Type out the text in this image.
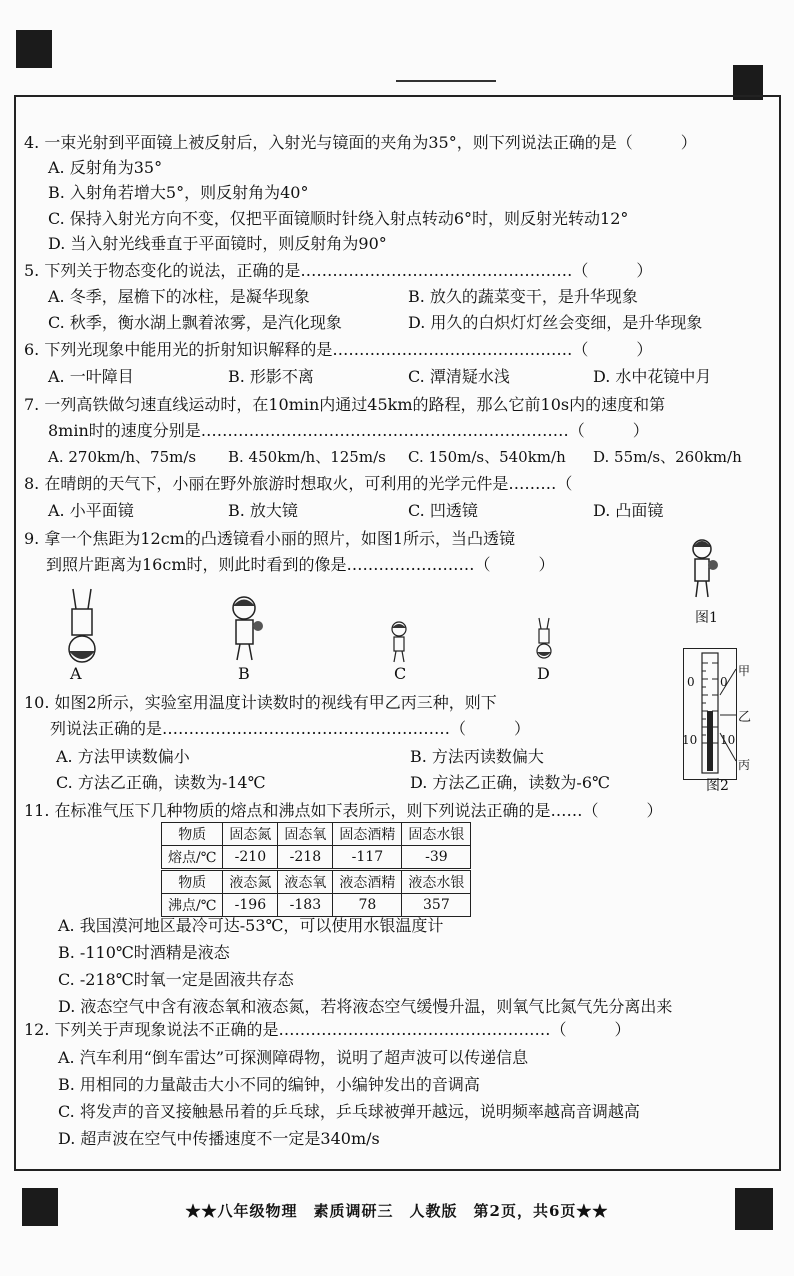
4. 一束光射到平面镜上被反射后，入射光与镜面的夹角为35°，则下列说法正确的是（　　　）
A. 反射角为35°
B. 入射角若增大5°，则反射角为40°
C. 保持入射光方向不变，仅把平面镜顺时针绕入射点转动6°时，则反射光转动12°
D. 当入射光线垂直于平面镜时，则反射角为90°
5. 下列关于物态变化的说法，正确的是……………………………………………（　　　）
A. 冬季，屋檐下的冰柱，是凝华现象	B. 放久的蔬菜变干，是升华现象
C. 秋季，衡水湖上飘着浓雾，是汽化现象	D. 用久的白炽灯灯丝会变细，是升华现象
6. 下列光现象中能用光的折射知识解释的是………………………………………（　　　）
A. 一叶障目	B. 形影不离	C. 潭清疑水浅	D. 水中花镜中月
7. 一列高铁做匀速直线运动时，在10min内通过45km的路程，那么它前10s内的速度和第
8min时的速度分别是……………………………………………………………（　　　）
A. 270km/h、75m/s B. 450km/h、125m/s C. 150m/s、540km/h D. 55m/s、260km/h
8. 在晴朗的天气下，小丽在野外旅游时想取火，可利用的光学元件是………（
A. 小平面镜	B. 放大镜	C. 凹透镜	D. 凸面镜
9. 拿一个焦距为12cm的凸透镜看小丽的照片，如图1所示，当凸透镜
到照片距离为16cm时，则此时看到的像是……………………（　　　）
图1
A	B	C	D
10. 如图2所示，实验室用温度计读数时的视线有甲乙丙三种，则下
列说法正确的是………………………………………………（　　　）
A. 方法甲读数偏小	B. 方法丙读数偏大
C. 方法乙正确，读数为-14℃	D. 方法乙正确，读数为-6℃
0
10
0
10
甲
乙
丙
图2
11. 在标准气压下几种物质的熔点和沸点如下表所示，则下列说法正确的是……（　　　）
物质	固态氮	固态氧	固态酒精	固态水银
熔点/℃	-210	-218	-117	-39
物质	液态氮	液态氧	液态酒精	液态水银
沸点/℃	-196	-183	78	357
A. 我国漠河地区最冷可达-53℃，可以使用水银温度计
B. -110℃时酒精是液态
C. -218℃时氧一定是固液共存态
D. 液态空气中含有液态氧和液态氮，若将液态空气缓慢升温，则氧气比氮气先分离出来
12. 下列关于声现象说法不正确的是……………………………………………（　　　）
A. 汽车利用“倒车雷达”可探测障碍物，说明了超声波可以传递信息
B. 用相同的力量敲击大小不同的编钟，小编钟发出的音调高
C. 将发声的音叉接触悬吊着的乒乓球，乒乓球被弹开越远，说明频率越高音调越高
D. 超声波在空气中传播速度不一定是340m/s
★★八年级物理　素质调研三　人教版　第2页，共6页★★
